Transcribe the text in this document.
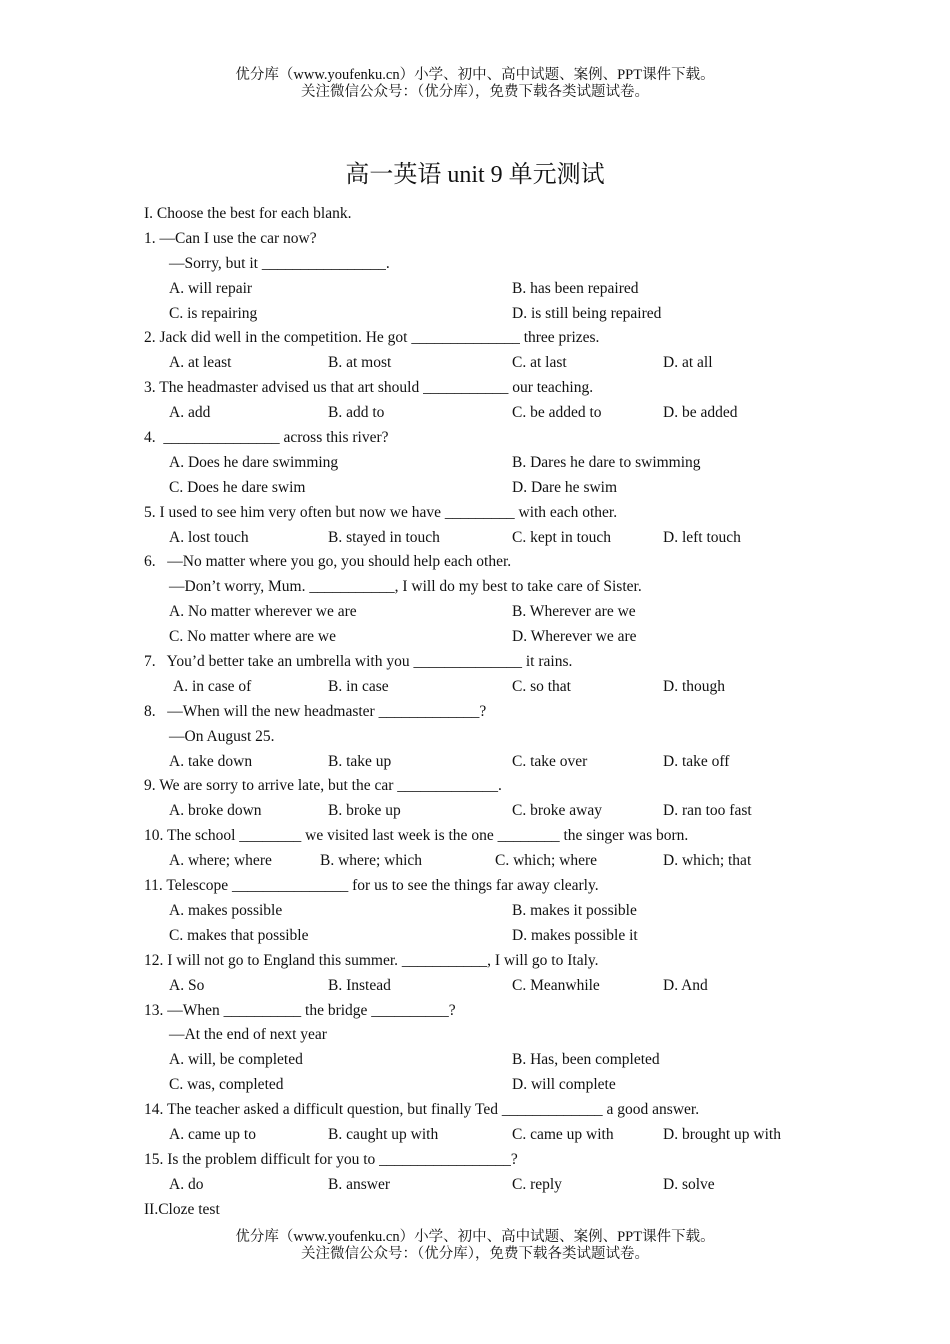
优分库（www.youfenku.cn）小学、初中、高中试题、案例、PPT课件下载。
关注微信公众号：（优分库），免费下载各类试题试卷。
高一英语 unit 9 单元测试
I. Choose the best for each blank.
1. —Can I use the car now?
—Sorry, but it ________________.
A. will repair	B. has been repaired
C. is repairing	D. is still being repaired
2. Jack did well in the competition. He got ______________ three prizes.
A. at least	B. at most	C. at last	D. at all
3. The headmaster advised us that art should ___________ our teaching.
A. add	B. add to	C. be added to	D. be added
4.  _______________ across this river?
A. Does he dare swimming	B. Dares he dare to swimming
C. Does he dare swim	D. Dare he swim
5. I used to see him very often but now we have _________ with each other.
A. lost touch	B. stayed in touch	C. kept in touch	D. left touch
6.   —No matter where you go, you should help each other.
—Don’t worry, Mum. ___________, I will do my best to take care of Sister.
A. No matter wherever we are	B. Wherever are we
C. No matter where are we	D. Wherever we are
7.   You’d better take an umbrella with you ______________ it rains.
A. in case of	B. in case	C. so that	D. though
8.   —When will the new headmaster _____________?
—On August 25.
A. take down	B. take up	C. take over	D. take off
9. We are sorry to arrive late, but the car _____________.
A. broke down	B. broke up	C. broke away	D. ran too fast
10. The school ________ we visited last week is the one ________ the singer was born.
A. where; where	B. where; which	C. which; where	D. which; that
11. Telescope _______________ for us to see the things far away clearly.
A. makes possible	B. makes it possible
C. makes that possible	D. makes possible it
12. I will not go to England this summer. ___________, I will go to Italy.
A. So	B. Instead	C. Meanwhile	D. And
13. —When __________ the bridge __________?
—At the end of next year
A. will, be completed	B. Has, been completed
C. was, completed	D. will complete
14. The teacher asked a difficult question, but finally Ted _____________ a good answer.
A. came up to	B. caught up with	C. came up with	D. brought up with
15. Is the problem difficult for you to _________________?
A. do	B. answer	C. reply	D. solve
II.Cloze test
优分库（www.youfenku.cn）小学、初中、高中试题、案例、PPT课件下载。
关注微信公众号：（优分库），免费下载各类试题试卷。
